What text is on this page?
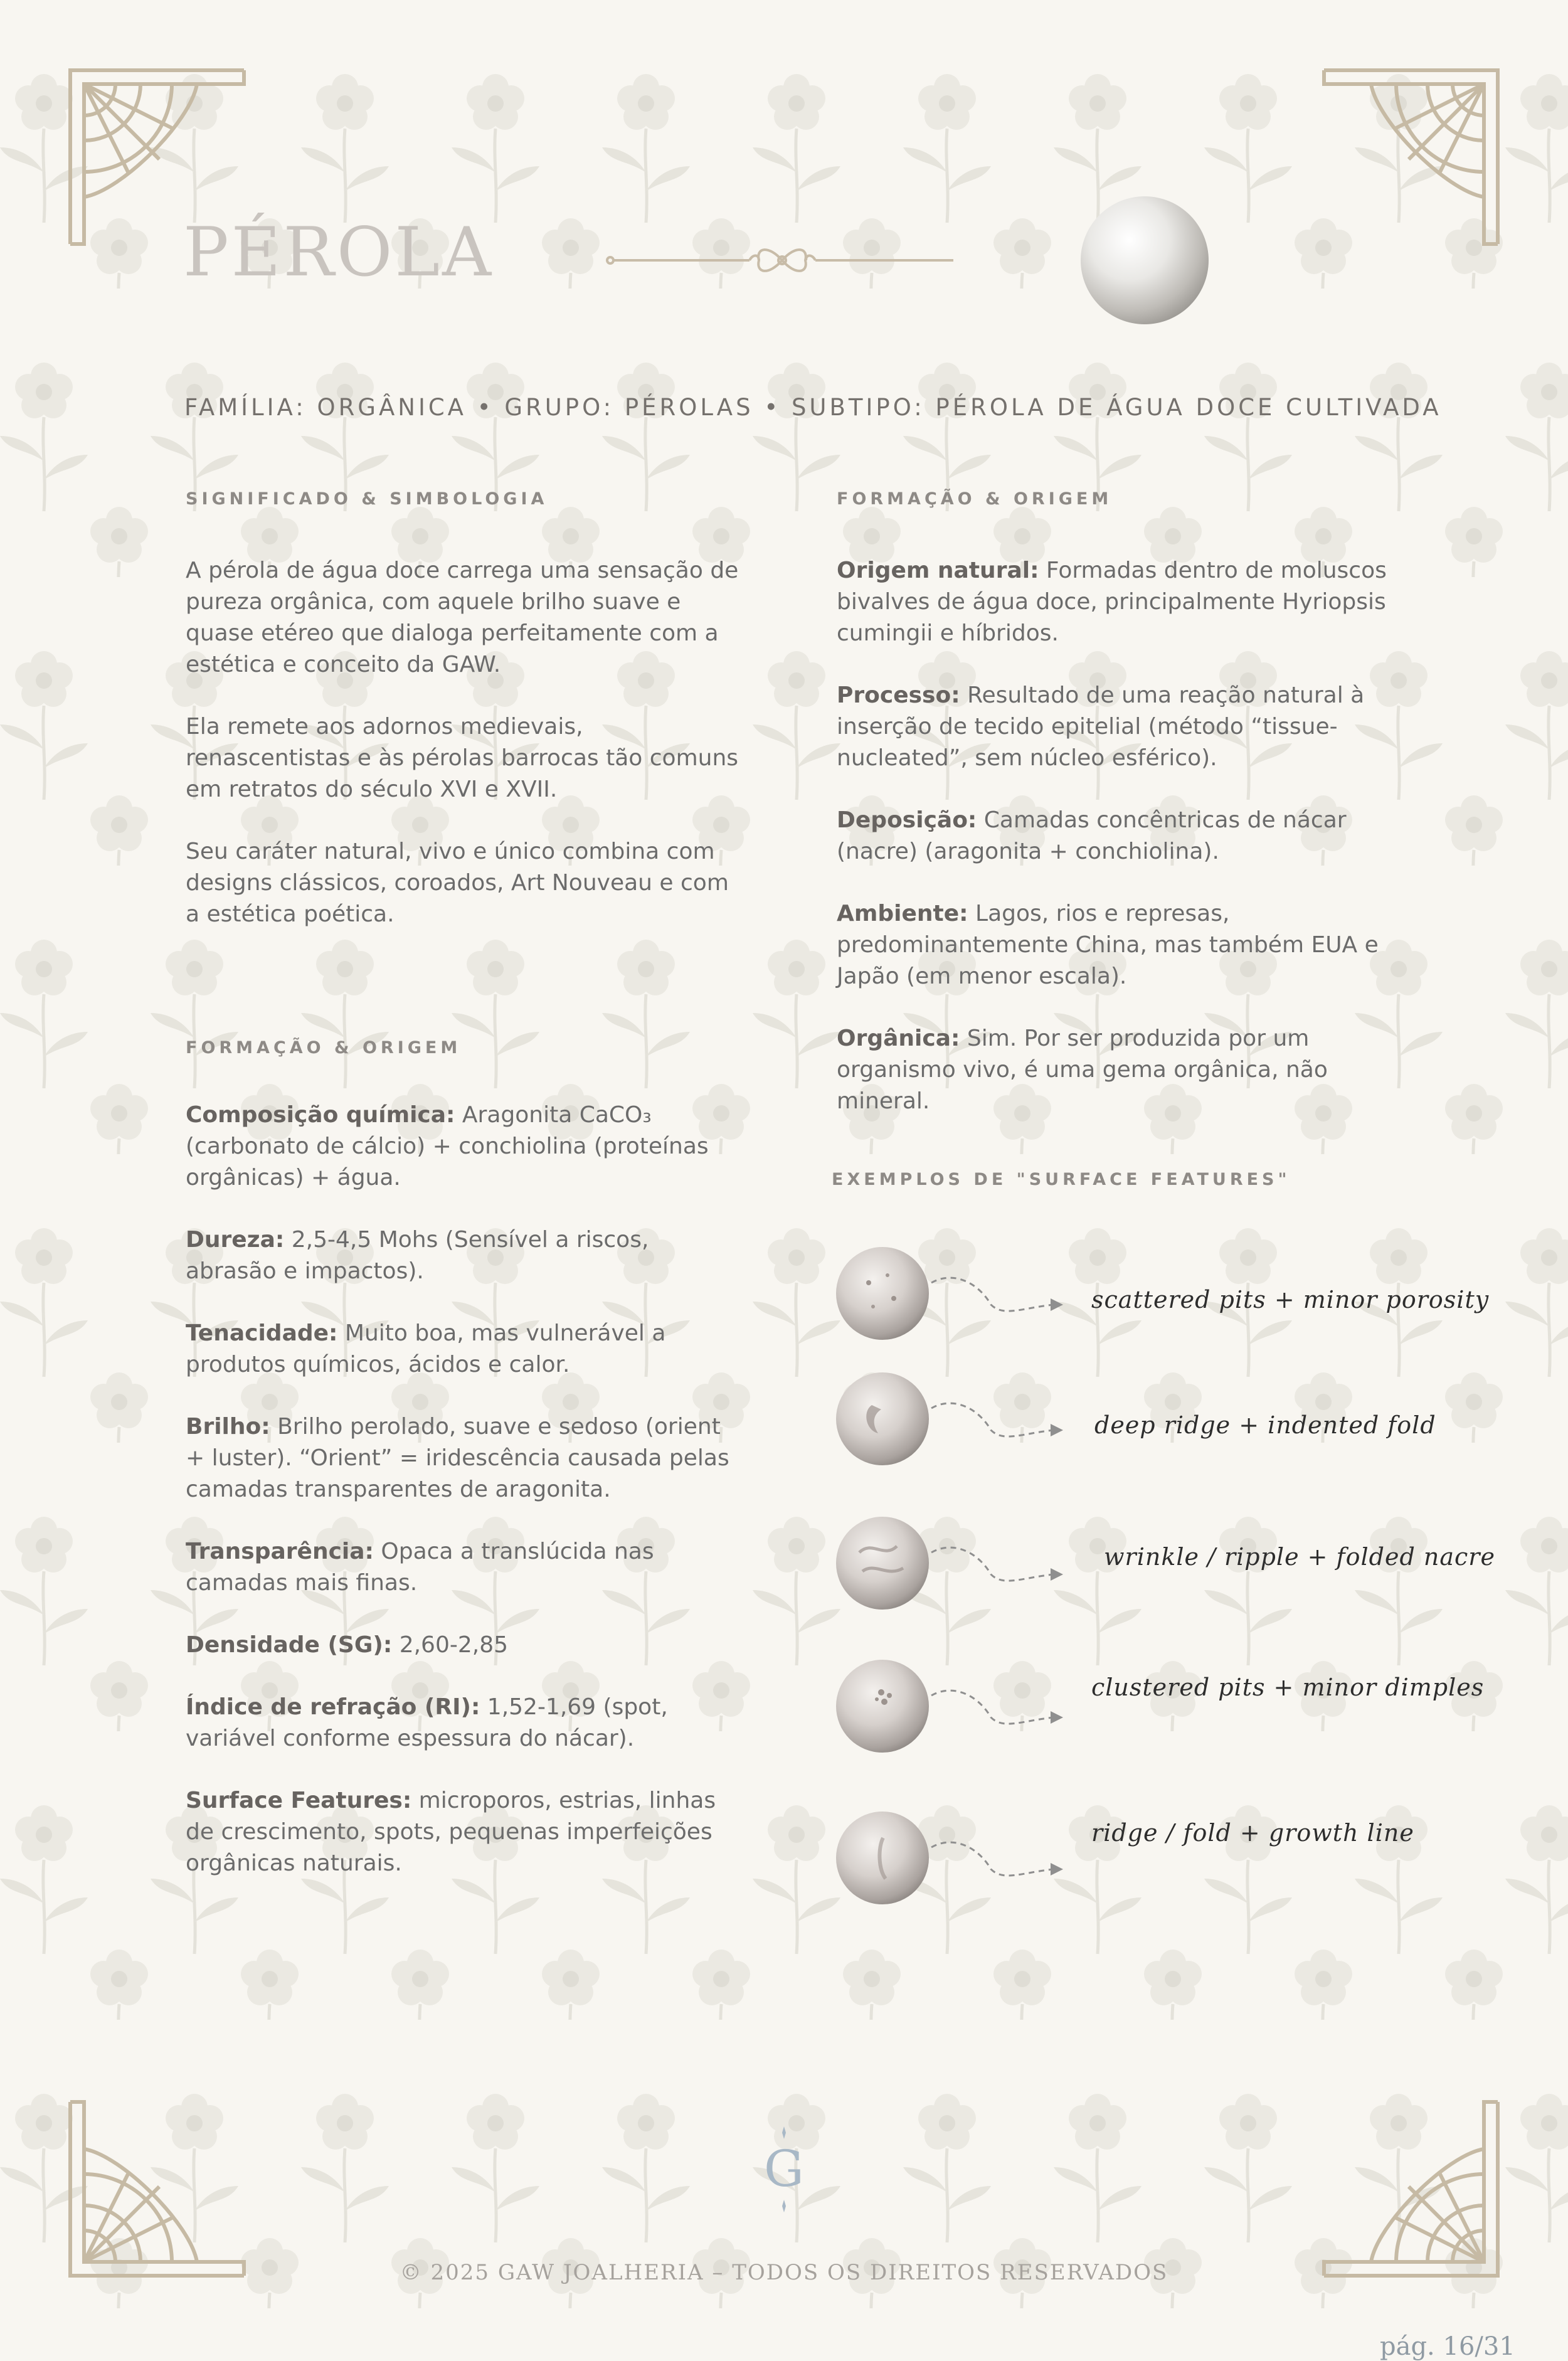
PÉROLA
FAMÍLIA: ORGÂNICA • GRUPO: PÉROLAS • SUBTIPO: PÉROLA DE ÁGUA DOCE CULTIVADA
SIGNIFICADO & SIMBOLOGIA

A pérola de água doce carrega uma sensação de pureza orgânica, com aquele brilho suave e quase etéreo que dialoga perfeitamente com a estética e conceito da GAW.

Ela remete aos adornos medievais, renascentistas e às pérolas barrocas tão comuns em retratos do século XVI e XVII.

Seu caráter natural, vivo e único combina com designs clássicos, coroados, Art Nouveau e com a estética poética.

FORMAÇÃO & ORIGEM

Composição química: Aragonita CaCO₃ (carbonato de cálcio) + conchiolina (proteínas orgânicas) + água.

Dureza: 2,5-4,5 Mohs (Sensível a riscos, abrasão e impactos).

Tenacidade: Muito boa, mas vulnerável a produtos químicos, ácidos e calor.

Brilho: Brilho perolado, suave e sedoso (orient + luster). “Orient” = iridescência causada pelas camadas transparentes de aragonita.

Transparência: Opaca a translúcida nas camadas mais finas.

Densidade (SG): 2,60-2,85

Índice de refração (RI): 1,52-1,69 (spot, variável conforme espessura do nácar).

Surface Features: microporos, estrias, linhas de crescimento, spots, pequenas imperfeições orgânicas naturais.

FORMAÇÃO & ORIGEM

Origem natural: Formadas dentro de moluscos bivalves de água doce, principalmente Hyriopsis cumingii e híbridos.

Processo: Resultado de uma reação natural à inserção de tecido epitelial (método “tissue-nucleated”, sem núcleo esférico).

Deposição: Camadas concêntricas de nácar (nacre) (aragonita + conchiolina).

Ambiente: Lagos, rios e represas, predominantemente China, mas também EUA e Japão (em menor escala).

Orgânica: Sim. Por ser produzida por um organismo vivo, é uma gema orgânica, não mineral.

EXEMPLOS DE "SURFACE FEATURES"
scattered pits + minor porosity
deep ridge + indented fold
wrinkle / ripple + folded nacre
clustered pits + minor dimples
ridge / fold + growth line
G
© 2025 GAW JOALHERIA – TODOS OS DIREITOS RESERVADOS
pág. 16/31
